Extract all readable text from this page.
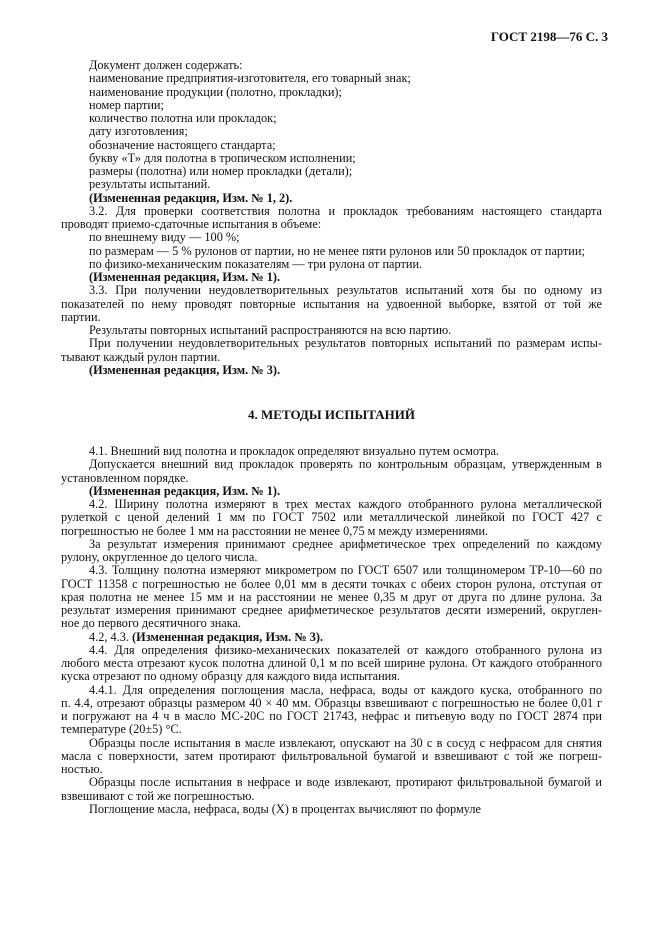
ГОСТ 2198—76 С. 3
Документ должен содержать:
наименование предприятия-изготовителя, его товарный знак;
наименование продукции (полотно, прокладки);
номер партии;
количество полотна или прокладок;
дату изготовления;
обозначение настоящего стандарта;
букву «Т» для полотна в тропическом исполнении;
размеры (полотна) или номер прокладки (детали);
результаты испытаний.
(Измененная редакция, Изм. № 1, 2).
3.2. Для проверки соответствия полотна и прокладок требованиям настоящего стандарта
проводят приемо-сдаточные испытания в объеме:
по внешнему виду — 100 %;
по размерам — 5 % рулонов от партии, но не менее пяти рулонов или 50 прокладок от партии;
по физико-механическим показателям — три рулона от партии.
(Измененная редакция, Изм. № 1).
3.3. При получении неудовлетворительных результатов испытаний хотя бы по одному из
показателей по нему проводят повторные испытания на удвоенной выборке, взятой от той же
партии.
Результаты повторных испытаний распространяются на всю партию.
При получении неудовлетворительных результатов повторных испытаний по размерам испы-
тывают каждый рулон партии.
(Измененная редакция, Изм. № 3).
4. МЕТОДЫ ИСПЫТАНИЙ
4.1. Внешний вид полотна и прокладок определяют визуально путем осмотра.
Допускается внешний вид прокладок проверять по контрольным образцам, утвержденным в
установленном порядке.
(Измененная редакция, Изм. № 1).
4.2. Ширину полотна измеряют в трех местах каждого отобранного рулона металлической
рулеткой с ценой делений 1 мм по ГОСТ 7502 или металлической линейкой по ГОСТ 427 с
погрешностью не более 1 мм на расстоянии не менее 0,75 м между измерениями.
За результат измерения принимают среднее арифметическое трех определений по каждому
рулону, округленное до целого числа.
4.3. Толщину полотна измеряют микрометром по ГОСТ 6507 или толщиномером ТР-10—60 по
ГОСТ 11358 с погрешностью не более 0,01 мм в десяти точках с обеих сторон рулона, отступая от
края полотна не менее 15 мм и на расстоянии не менее 0,35 м друг от друга по длине рулона. За
результат измерения принимают среднее арифметическое результатов десяти измерений, округлен-
ное до первого десятичного знака.
4.2, 4.3. (Измененная редакция, Изм. № 3).
4.4. Для определения физико-механических показателей от каждого отобранного рулона из
любого места отрезают кусок полотна длиной 0,1 м по всей ширине рулона. От каждого отобранного
куска отрезают по одному образцу для каждого вида испытания.
4.4.1. Для определения поглощения масла, нефраса, воды от каждого куска, отобранного по
п. 4.4, отрезают образцы размером 40 × 40 мм. Образцы взвешивают с погрешностью не более 0,01 г
и погружают на 4 ч в масло МС-20С по ГОСТ 21743, нефрас и питьевую воду по ГОСТ 2874 при
температуре (20±5) °С.
Образцы после испытания в масле извлекают, опускают на 30 с в сосуд с нефрасом для снятия
масла с поверхности, затем протирают фильтровальной бумагой и взвешивают с той же погреш-
ностью.
Образцы после испытания в нефрасе и воде извлекают, протирают фильтровальной бумагой и
взвешивают с той же погрешностью.
Поглощение масла, нефраса, воды (X) в процентах вычисляют по формуле
